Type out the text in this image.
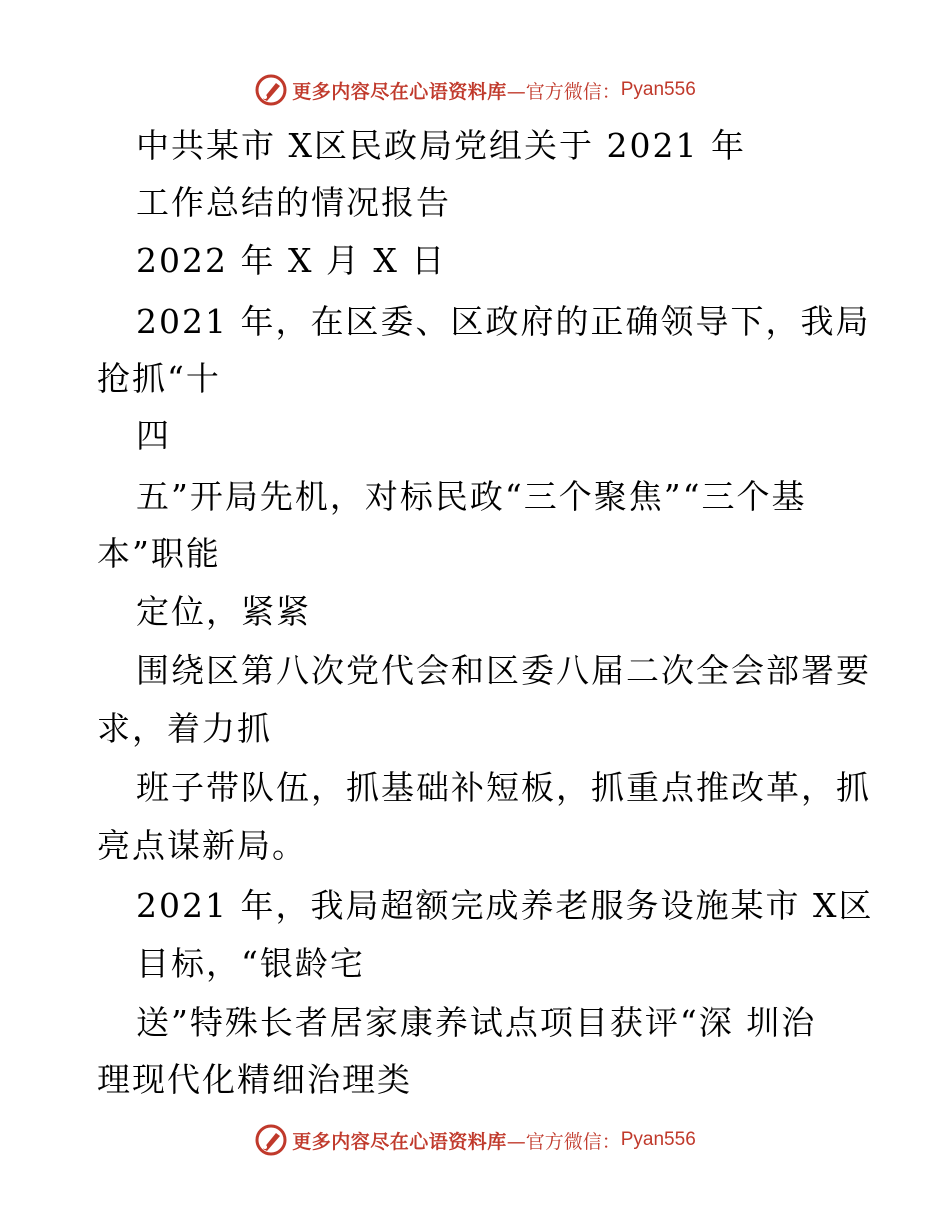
更多内容尽在心语资料库 —官方微信： Pyan556
中共某市 X区民政局党组关于 2021 年
工作总结的情况报告
2022 年 X 月 X 日
2021 年，在区委、区政府的正确领导下，我局
抢抓“十
四
五”开局先机，对标民政“三个聚焦”“三个基
本”职能
定位，紧紧
围绕区第八次党代会和区委八届二次全会部署要
求，着力抓
班子带队伍，抓基础补短板，抓重点推改革，抓
亮点谋新局。
2021 年，我局超额完成养老服务设施某市 X区
目标，“银龄宅
送”特殊长者居家康养试点项目获评“深 圳治
理现代化精细治理类
更多内容尽在心语资料库 —官方微信： Pyan556
